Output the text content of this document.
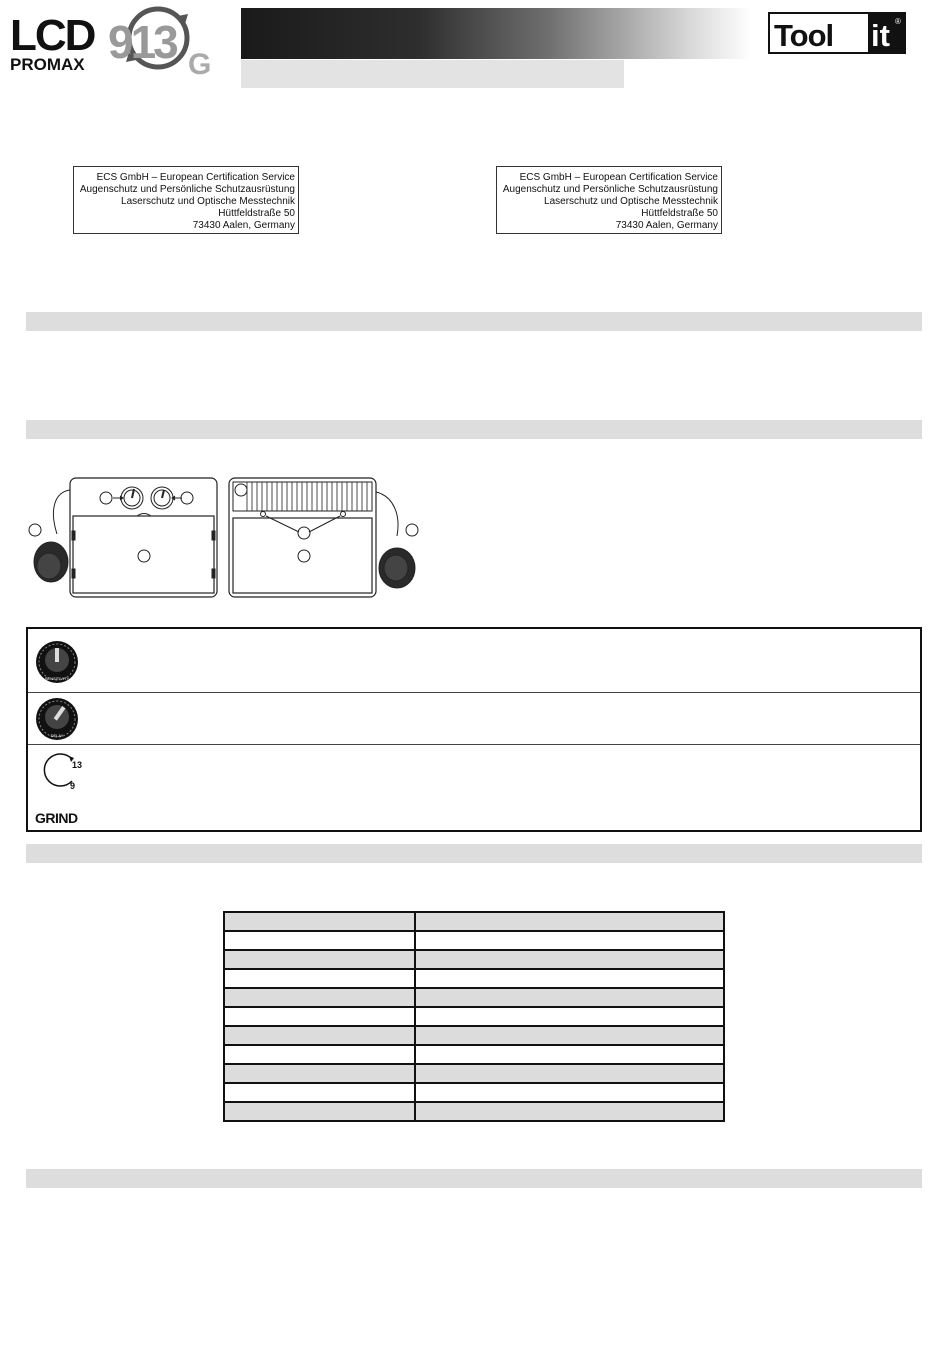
LCD
PROMAX 913 G
Tool it ®
ECS GmbH – European Certification Service
Augenschutz und Persönliche Schutzausrüstung
Laserschutz und Optische Messtechnik
Hüttfeldstraße 50
73430 Aalen, Germany
ECS GmbH – European Certification Service
Augenschutz und Persönliche Schutzausrüstung
Laserschutz und Optische Messtechnik
Hüttfeldstraße 50
73430 Aalen, Germany
SENSITIVITY
DELAY
13
9
GRIND
